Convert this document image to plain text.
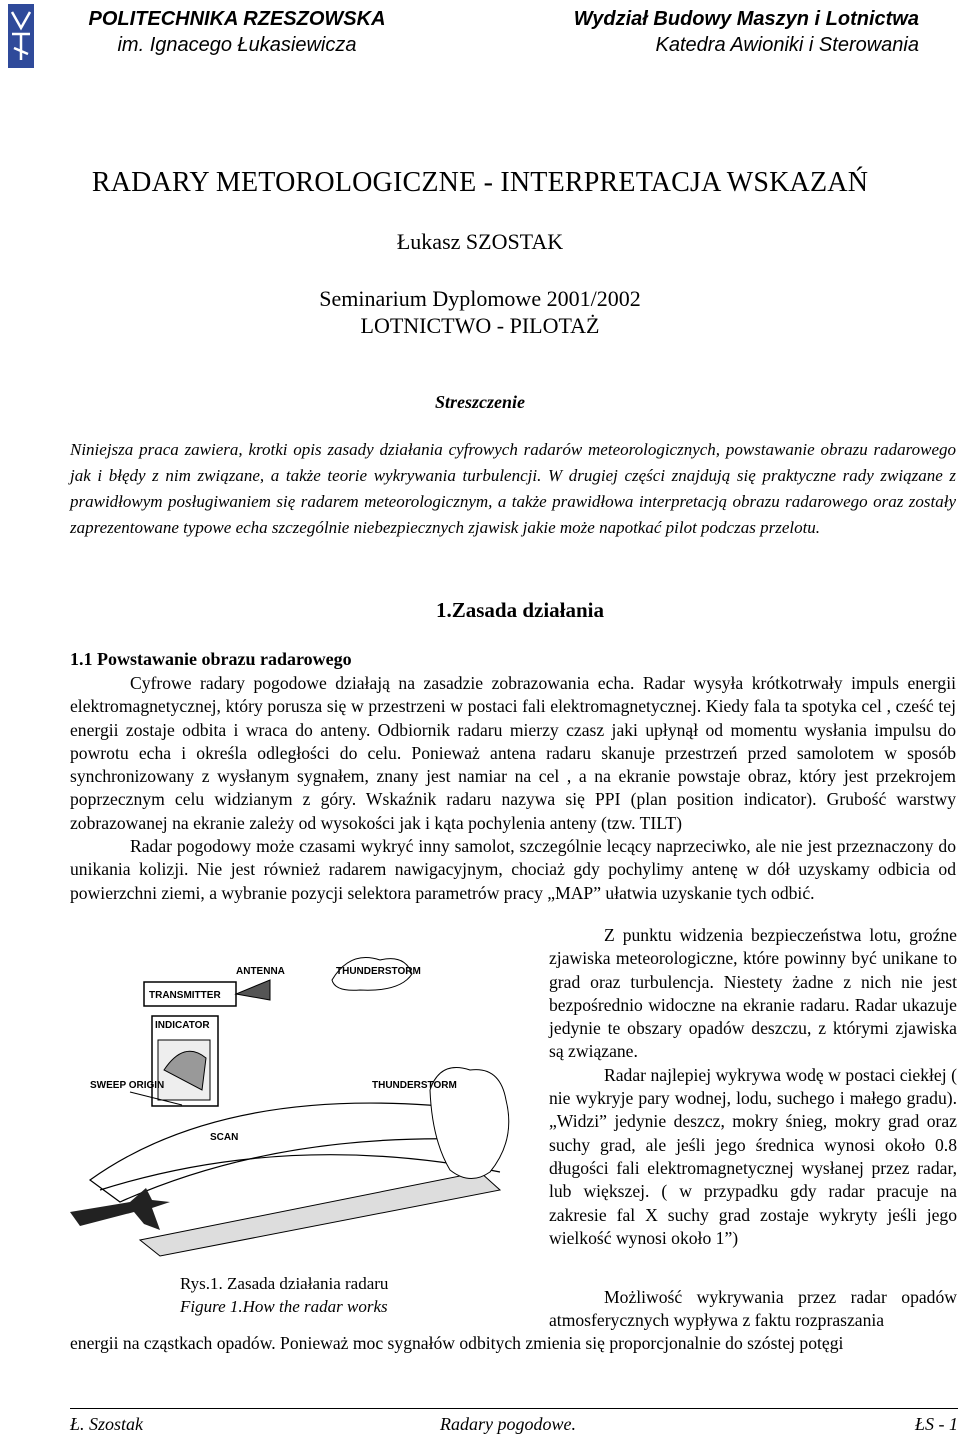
POLITECHNIKA RZESZOWSKA
im. Ignacego Łukasiewicza
Wydział Budowy Maszyn i Lotnictwa
Katedra Awioniki i Sterowania
RADARY METOROLOGICZNE - INTERPRETACJA WSKAZAŃ
Łukasz SZOSTAK
Seminarium Dyplomowe 2001/2002
LOTNICTWO - PILOTAŻ
Streszczenie
Niniejsza praca zawiera, krotki opis zasady działania cyfrowych radarów meteorologicznych, powstawanie obrazu radarowego jak i błędy z nim związane, a także teorie wykrywania turbulencji. W drugiej części znajdują się praktyczne rady związane z prawidłowym posługiwaniem się radarem meteorologicznym, a także prawidłowa interpretacją obrazu radarowego oraz zostały zaprezentowane typowe echa szczególnie niebezpiecznych zjawisk jakie może napotkać pilot podczas przelotu.
1.Zasada działania
1.1 Powstawanie obrazu radarowego
Cyfrowe radary pogodowe działają na zasadzie zobrazowania echa. Radar wysyła krótkotrwały impuls energii elektromagnetycznej, który porusza się w przestrzeni w postaci fali elektromagnetycznej. Kiedy fala ta spotyka cel , cześć tej energii zostaje odbita i wraca do anteny. Odbiornik radaru mierzy czasz jaki upłynął od momentu wysłania impulsu do powrotu echa i określa odległości do celu. Ponieważ antena radaru skanuje przestrzeń przed samolotem w sposób synchronizowany z wysłanym sygnałem, znany jest namiar na cel , a na ekranie powstaje obraz, który jest przekrojem poprzecznym celu widzianym z góry. Wskaźnik radaru nazywa się PPI (plan position indicator). Grubość warstwy zobrazowanej na ekranie zależy od wysokości jak i kąta pochylenia anteny (tzw. TILT)
Radar pogodowy może czasami wykryć inny samolot, szczególnie lecący naprzeciwko, ale nie jest przeznaczony do unikania kolizji. Nie jest również radarem nawigacyjnym, chociaż gdy pochylimy antenę w dół uzyskamy odbicia od powierzchni ziemi, a wybranie pozycji selektora parametrów pracy „MAP” ułatwia uzyskanie tych odbić.
TRANSMITTER
INDICATOR
ANTENNA	THUNDERSTORM
SWEEP ORIGIN
SCAN
THUNDERSTORM
Rys.1. Zasada działania radaru
Figure 1.How the radar works

Z punktu widzenia bezpieczeństwa lotu, groźne zjawiska meteorologiczne, które powinny być unikane to grad oraz turbulencja. Niestety żadne z nich nie jest bezpośrednio widoczne na ekranie radaru. Radar ukazuje jedynie te obszary opadów deszczu, z którymi zjawiska są związane.

Radar najlepiej wykrywa wodę w postaci ciekłej ( nie wykryje pary wodnej, lodu, suchego i małego gradu). „Widzi” jedynie deszcz, mokry śnieg, mokry grad oraz suchy grad, ale jeśli jego średnica wynosi około 0.8 długości fali elektromagnetycznej wysłanej przez radar, lub większej. ( w przypadku gdy radar pracuje na zakresie fal X suchy grad zostaje wykryty jeśli jego wielkość wynosi około 1”)

Możliwość wykrywania przez radar opadów atmosferycznych wypływa z faktu rozpraszania
energii na cząstkach opadów. Ponieważ moc sygnałów odbitych zmienia się proporcjonalnie do szóstej potęgi
Ł. Szostak	Radary pogodowe.	ŁS - 1
